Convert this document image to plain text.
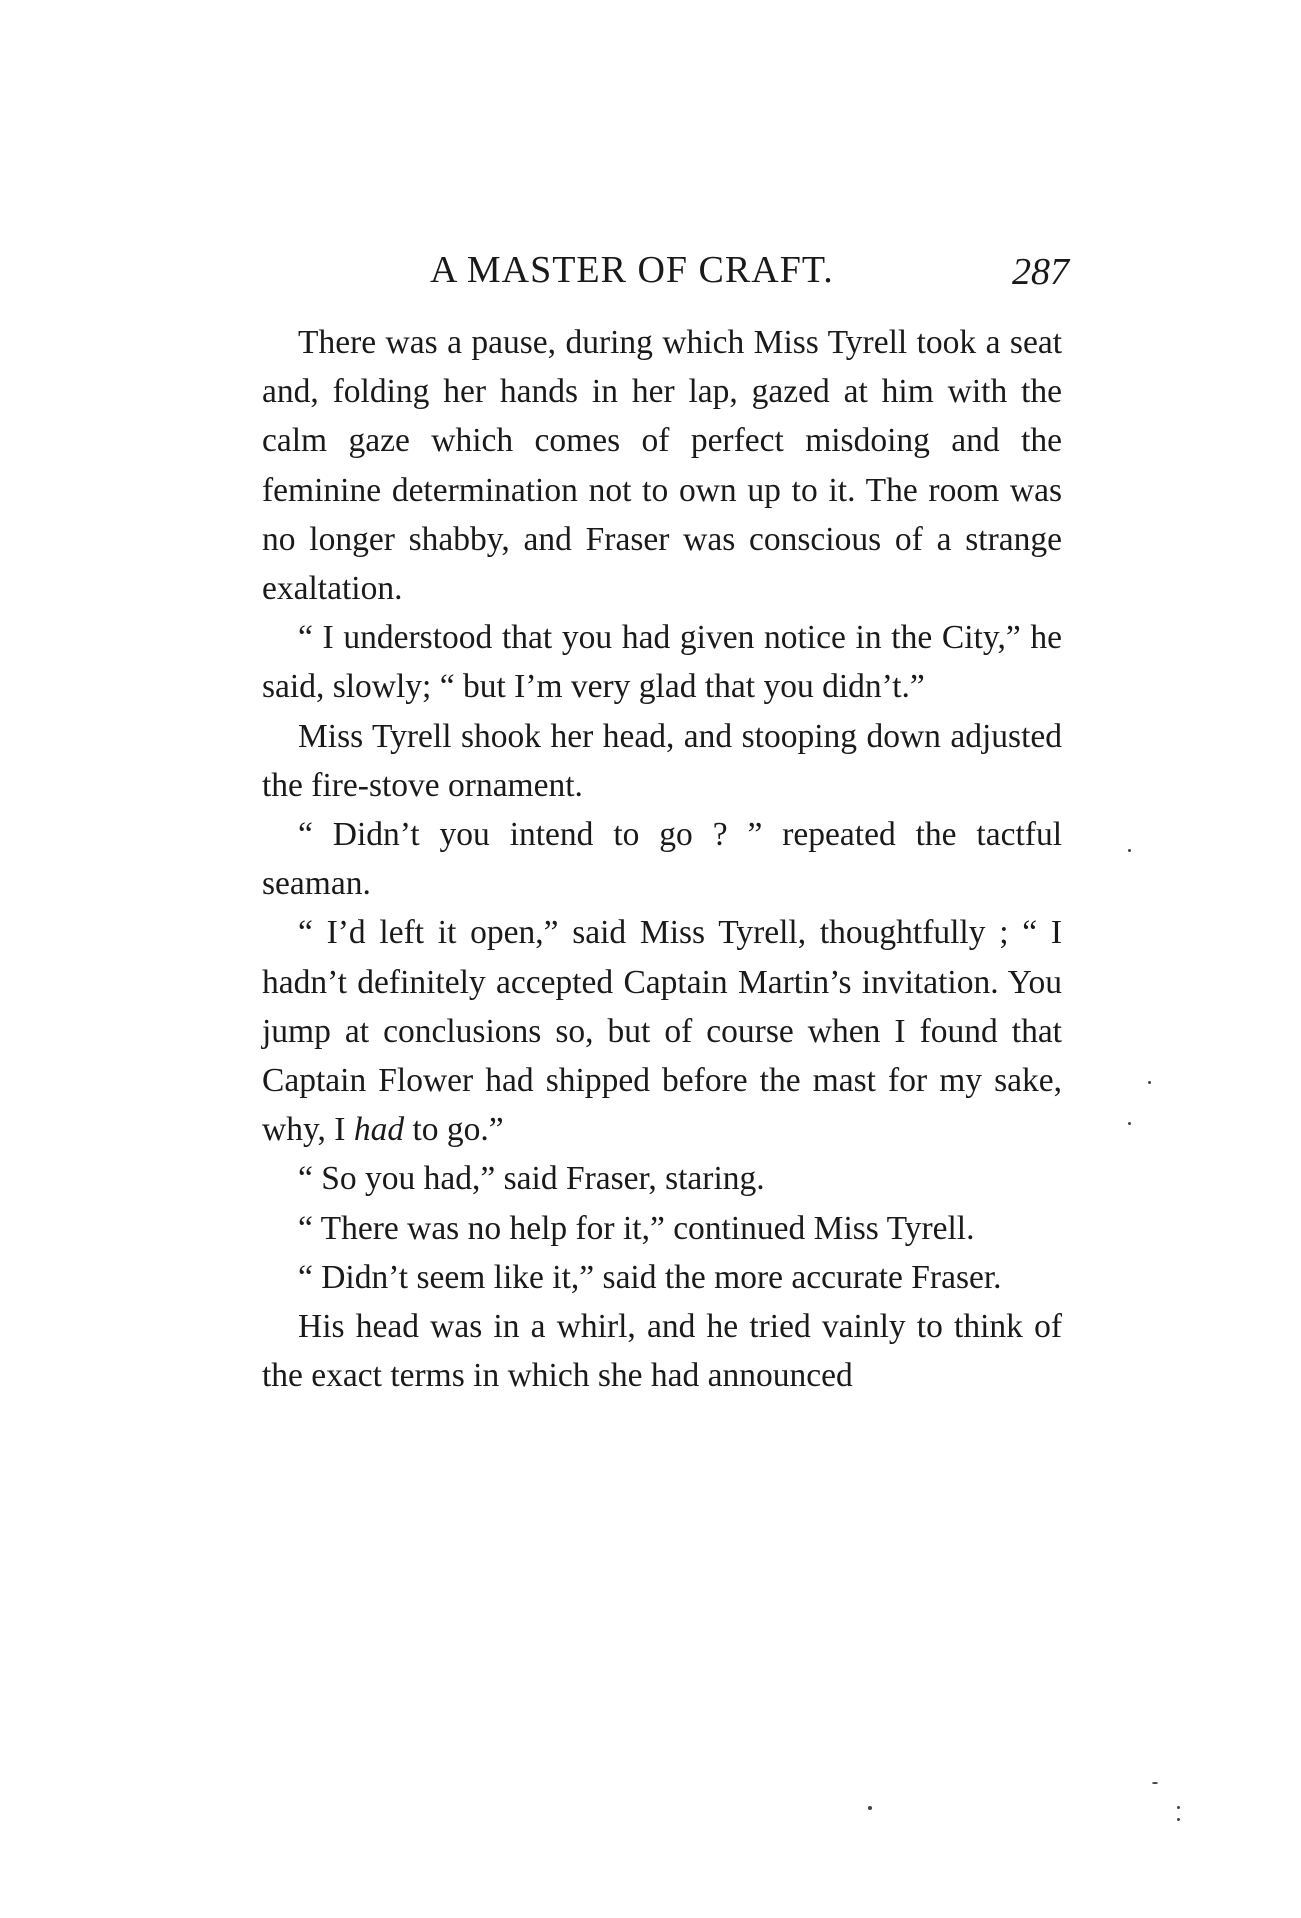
A MASTER OF CRAFT.	287

There was a pause, during which Miss Tyrell took a seat and, folding her hands in her lap, gazed at him with the calm gaze which comes of perfect misdoing and the feminine determination not to own up to it. The room was no longer shabby, and Fraser was conscious of a strange exaltation.

“ I understood that you had given notice in the City,” he said, slowly; “ but I’m very glad that you didn’t.”

Miss Tyrell shook her head, and stooping down adjusted the fire-stove ornament.

“ Didn’t you intend to go ? ” repeated the tactful seaman.

“ I’d left it open,” said Miss Tyrell, thoughtfully ; “ I hadn’t definitely accepted Captain Martin’s invitation. You jump at conclusions so, but of course when I found that Captain Flower had shipped before the mast for my sake, why, I had to go.”

“ So you had,” said Fraser, staring.

“ There was no help for it,” continued Miss Tyrell.

“ Didn’t seem like it,” said the more accurate Fraser.

His head was in a whirl, and he tried vainly to think of the exact terms in which she had announced
